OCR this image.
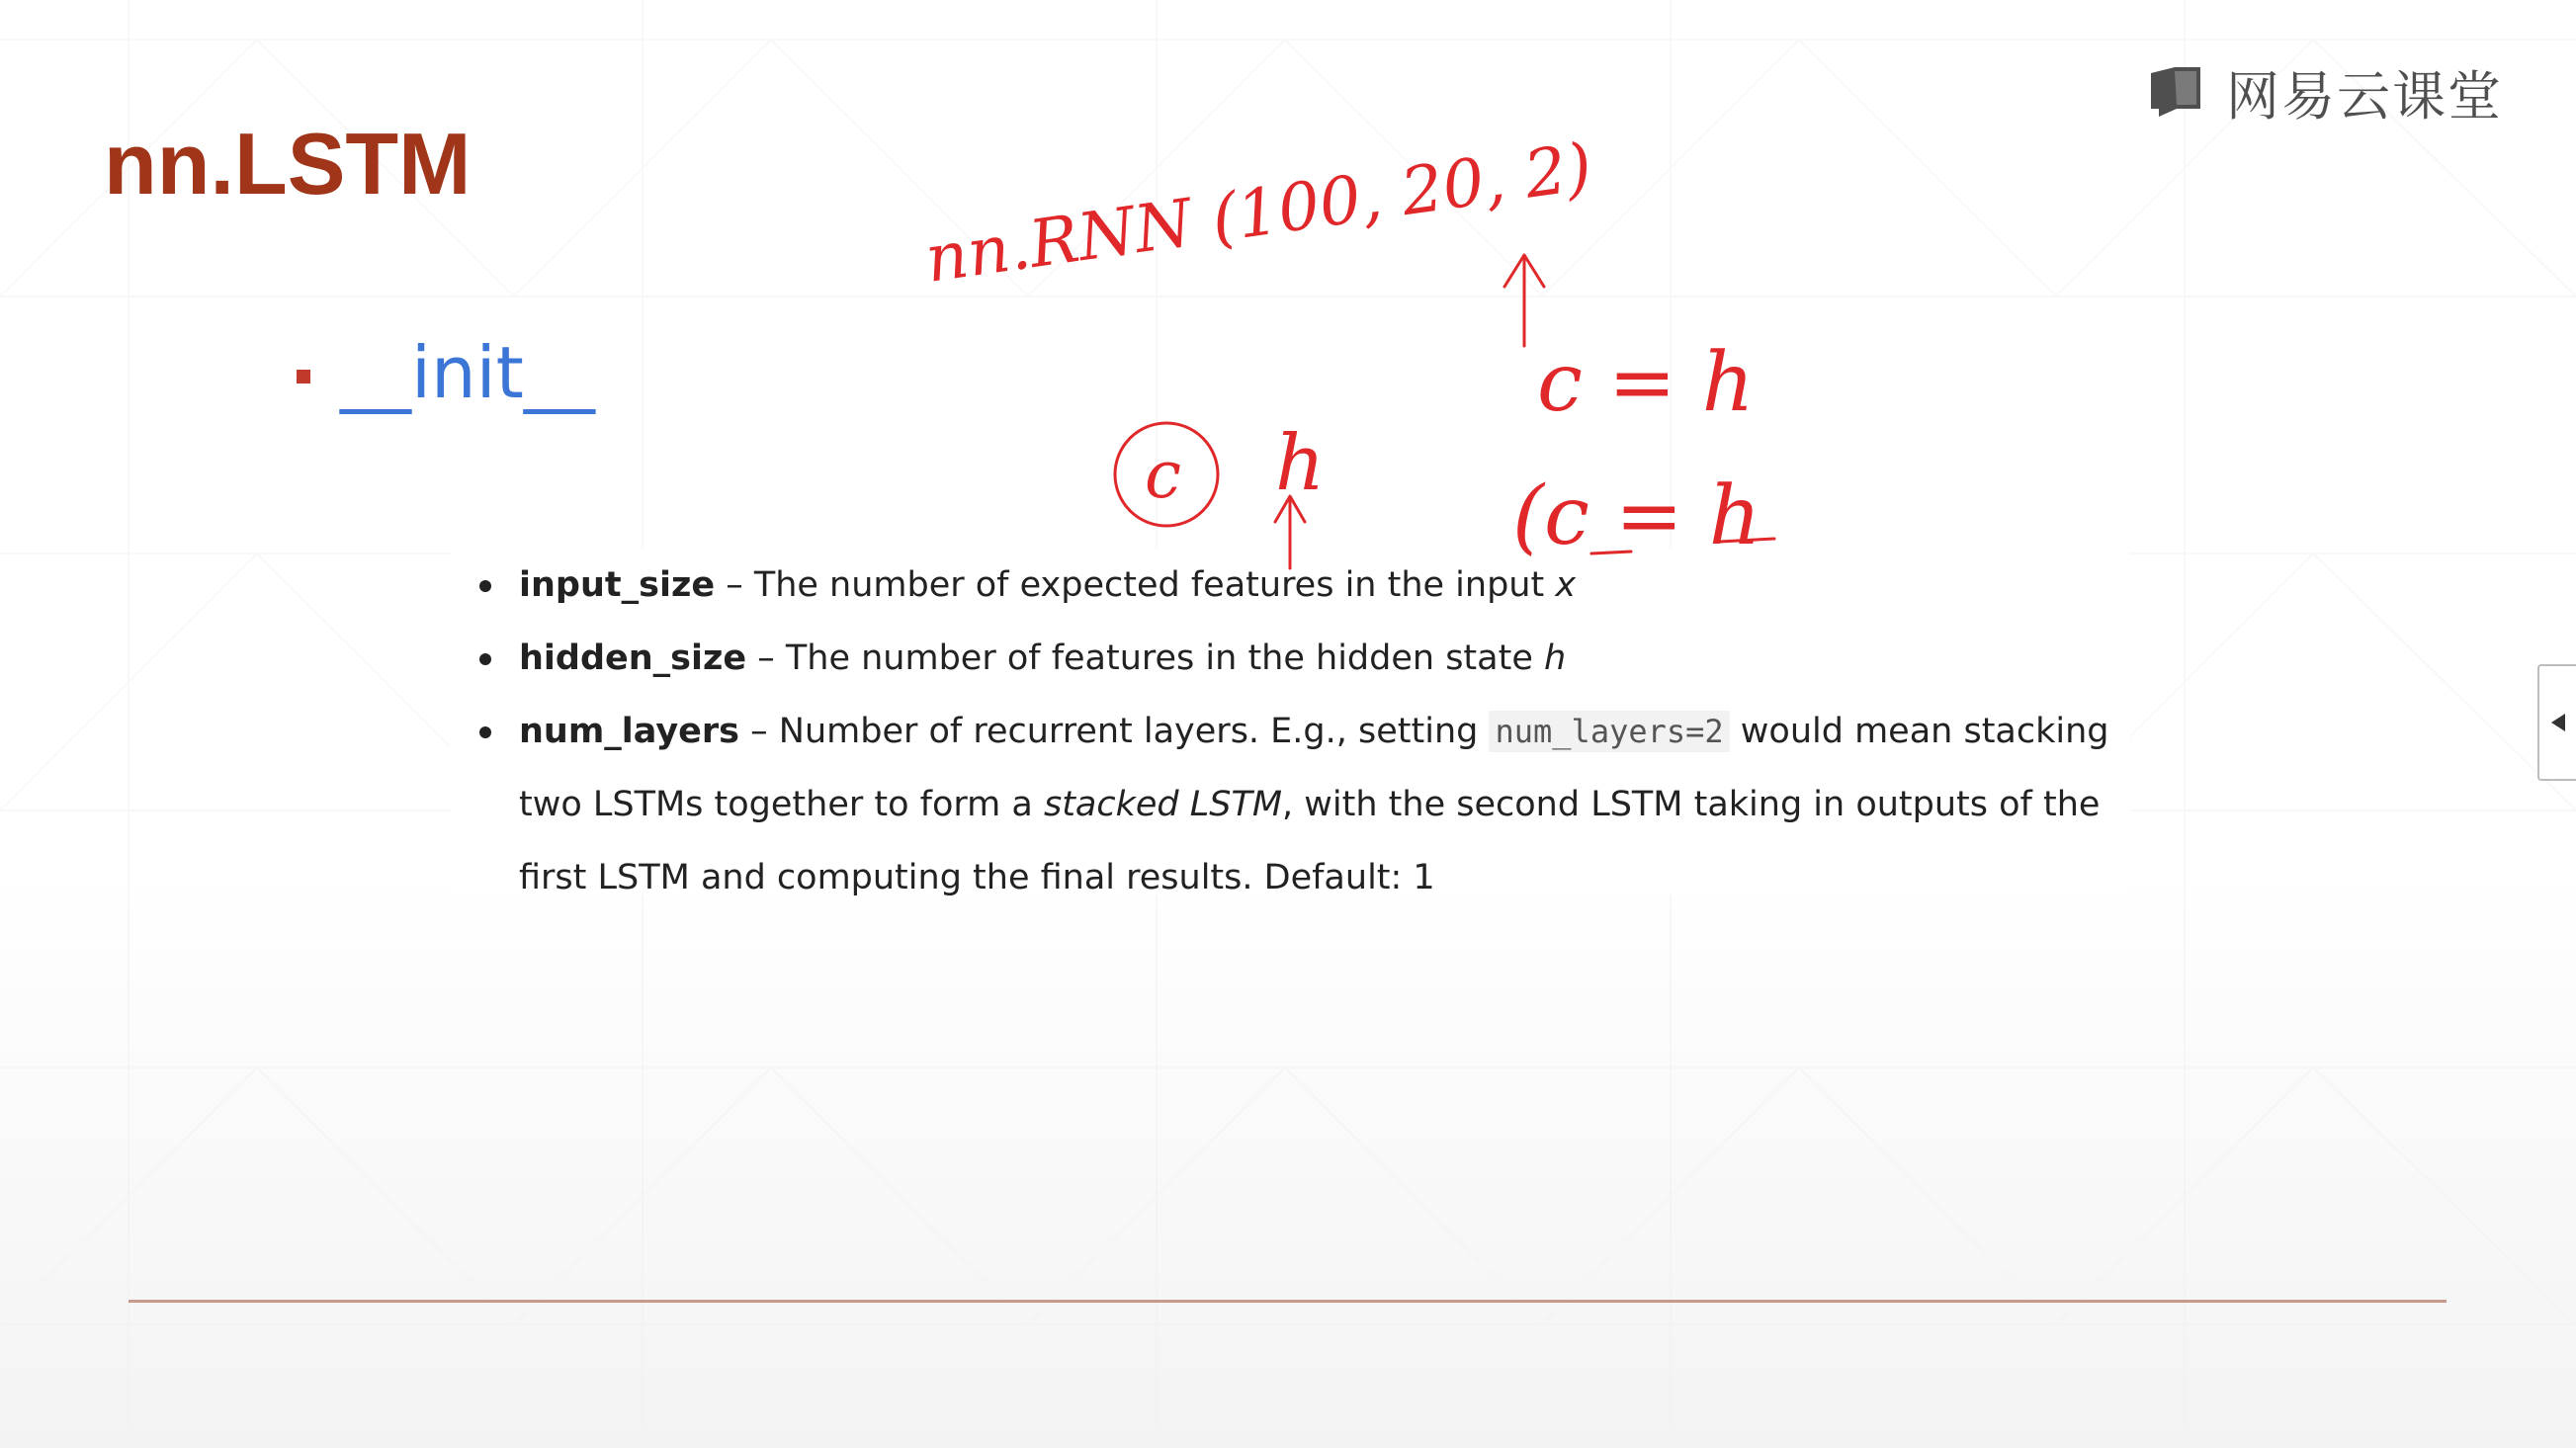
网易云课堂
nn.LSTM
__init__
input_size – The number of expected features in the input x
hidden_size – The number of features in the hidden state h
num_layers – Number of recurrent layers. E.g., setting num_layers=2 would mean stacking two LSTMs together to form a stacked LSTM, with the second LSTM taking in outputs of the first LSTM and computing the final results. Default: 1
nn.RNN (100, 20, 2)
c = h
c h
(c = h
